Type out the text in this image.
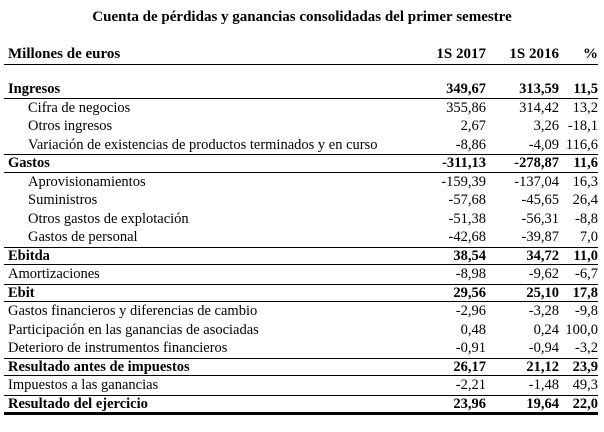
Cuenta de pérdidas y ganancias consolidadas del primer semestre
Millones de euros	1S 2017 1S 2016 %
Ingresos	349,67 313,59 11,5
Cifra de negocios	355,86 314,42 13,2
Otros ingresos	2,67	3,26 -18,1
Variación de existencias de productos terminados y en curso	-8,86	-4,09 116,6
Gastos	-311,13 -278,87 11,6
Aprovisionamientos	-159,39 -137,04 16,3
Suministros	-57,68 -45,65 26,4
Otros gastos de explotación	-51,38 -56,31 -8,8
Gastos de personal	-42,68 -39,87 7,0
Ebitda	38,54	34,72 11,0
Amortizaciones	-8,98	-9,62 -6,7
Ebit	29,56	25,10 17,8
Gastos financieros y diferencias de cambio	-2,96	-3,28 -9,8
Participación en las ganancias de asociadas	0,48	0,24 100,0
Deterioro de instrumentos financieros	-0,91	-0,94 -3,2
Resultado antes de impuestos	26,17	21,12 23,9
Impuestos a las ganancias	-2,21	-1,48 49,3
Resultado del ejercicio	23,96	19,64 22,0
